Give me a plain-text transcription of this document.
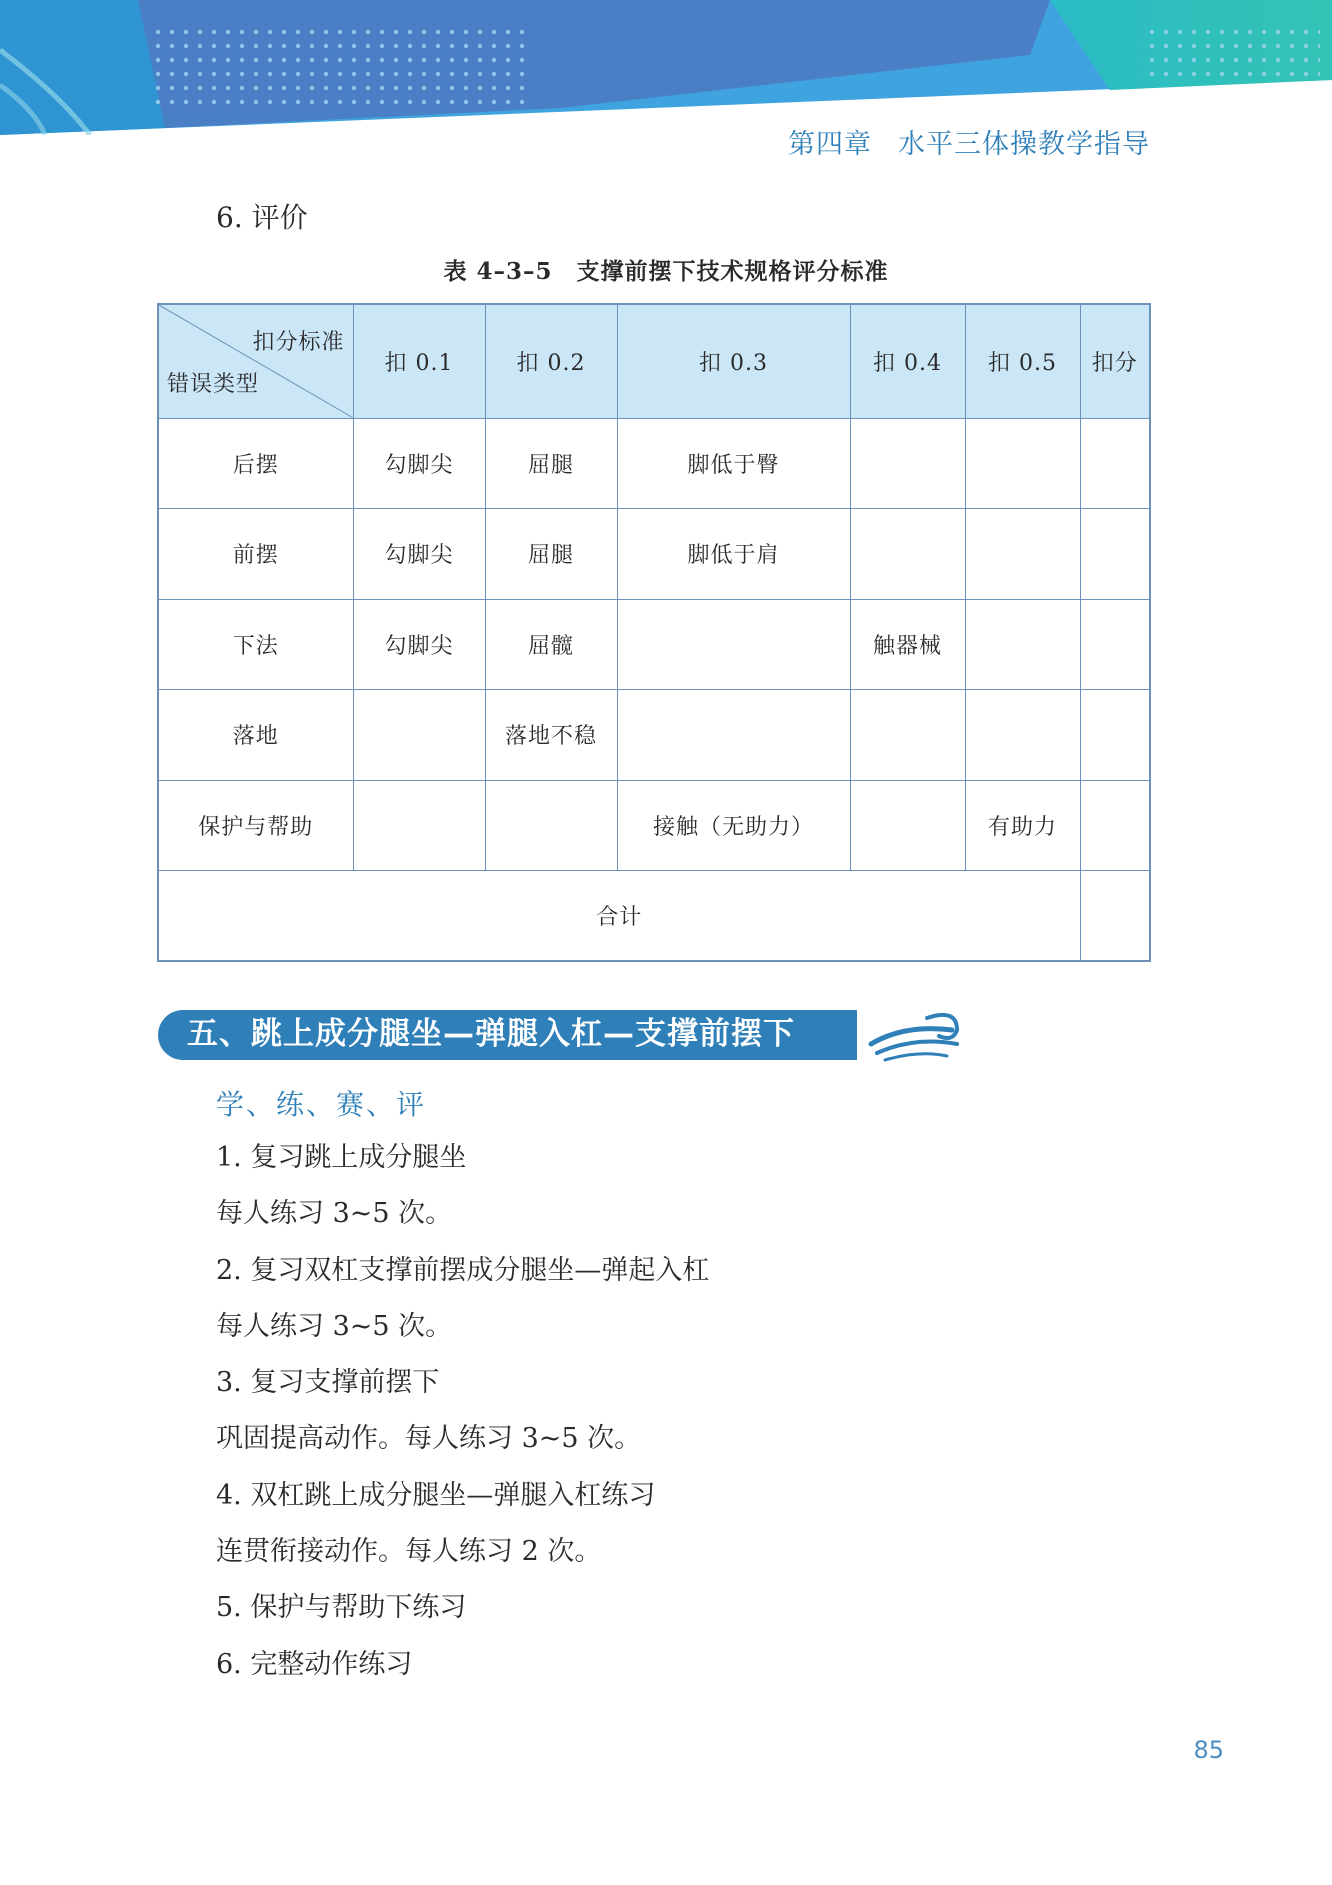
第四章 水平三体操教学指导

6. 评价

表 4–3–5　支撑前摆下技术规格评分标准

扣分标准
错误类型	扣 0.1	扣 0.2	扣 0.3	扣 0.4	扣 0.5	扣分
后摆	勾脚尖	屈腿	脚低于臀			
前摆	勾脚尖	屈腿	脚低于肩			
下法	勾脚尖	屈髋		触器械		
落地		落地不稳				
保护与帮助			接触（无助力）		有助力	
合计						
五、跳上成分腿坐—弹腿入杠—支撑前摆下

学、练、赛、评

1. 复习跳上成分腿坐
每人练习 3~5 次。
2. 复习双杠支撑前摆成分腿坐—弹起入杠
每人练习 3~5 次。
3. 复习支撑前摆下
巩固提高动作。每人练习 3~5 次。
4. 双杠跳上成分腿坐—弹腿入杠练习
连贯衔接动作。每人练习 2 次。
5. 保护与帮助下练习
6. 完整动作练习
85
